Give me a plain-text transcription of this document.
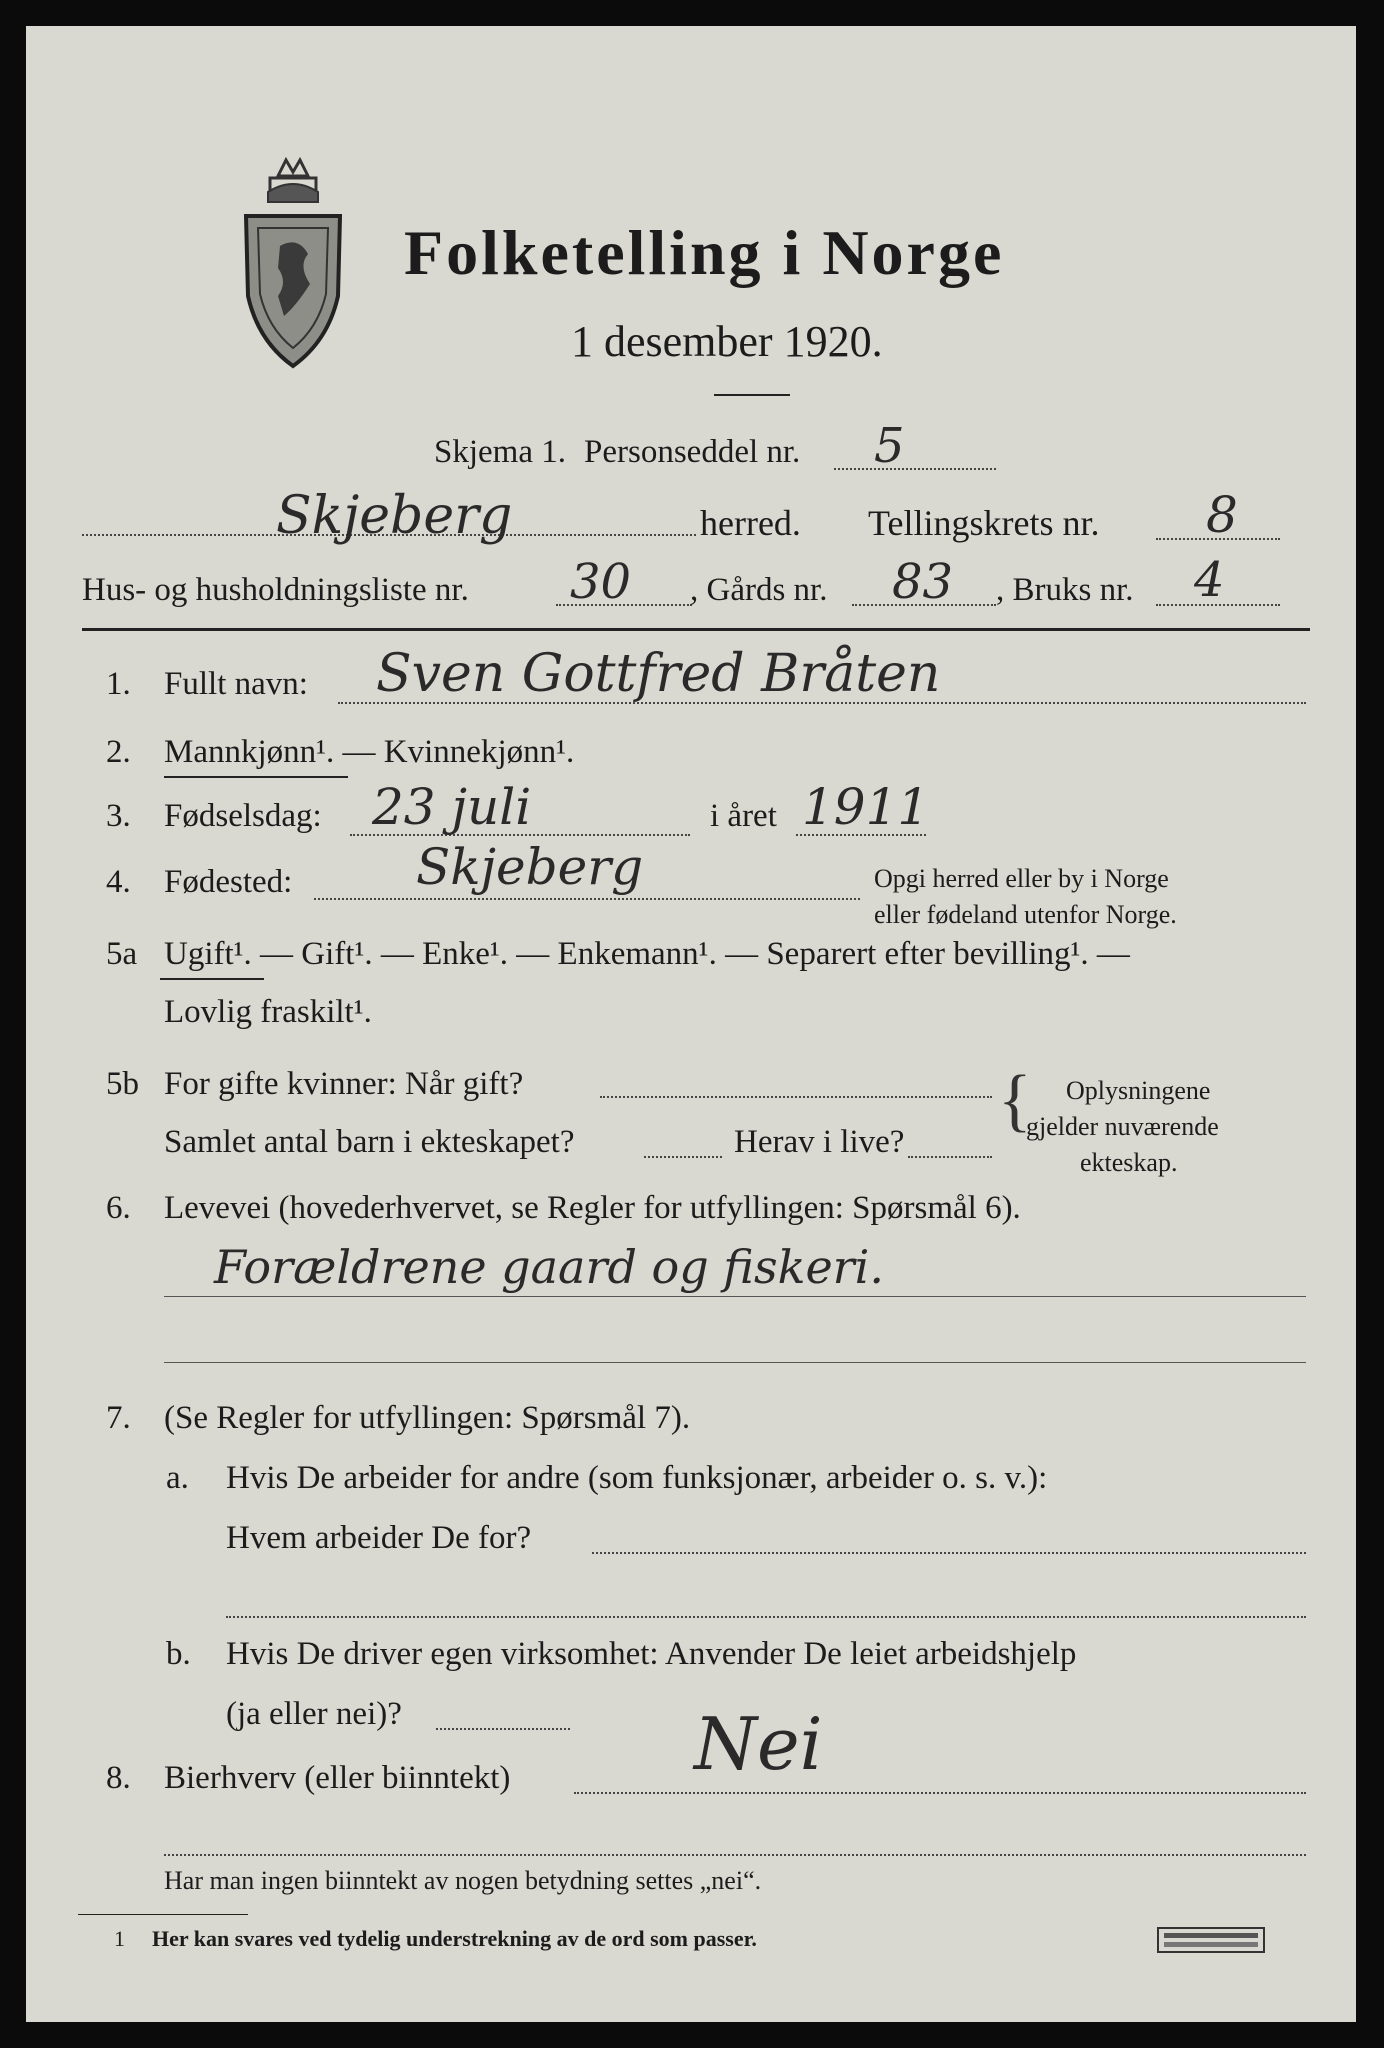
Folketelling i Norge
1 desember 1920.
Skjema 1. Personseddel nr. 5
Skjeberg	herred. Tellingskrets nr. 8
Hus- og husholdningsliste nr. 30 , Gårds nr. 83 , Bruks nr. 4
1. Fullt navn: Sven Gottfred Bråten
2. Mannkjønn¹. — Kvinnekjønn¹.
3. Fødselsdag: 23 juli	i året 1911
4. Fødested: Skjeberg	Opgi herred eller by i Norge
eller fødeland utenfor Norge.
5a Ugift¹. — Gift¹. — Enke¹. — Enkemann¹. — Separert efter bevilling¹. —
Lovlig fraskilt¹.
5b For gifte kvinner: Når gift?
Samlet antal barn i ekteskapet?	Herav i live?
{ Oplysningene
gjelder nuværende
ekteskap.
6. Levevei (hovederhvervet, se Regler for utfyllingen: Spørsmål 6).
Forældrene gaard og fiskeri.
7. (Se Regler for utfyllingen: Spørsmål 7).
a. Hvis De arbeider for andre (som funksjonær, arbeider o. s. v.):
Hvem arbeider De for?
b. Hvis De driver egen virksomhet: Anvender De leiet arbeidshjelp
(ja eller nei)?
8. Bierhverv (eller biinntekt)	Nei
Har man ingen biinntekt av nogen betydning settes „nei“.
1 Her kan svares ved tydelig understrekning av de ord som passer.
